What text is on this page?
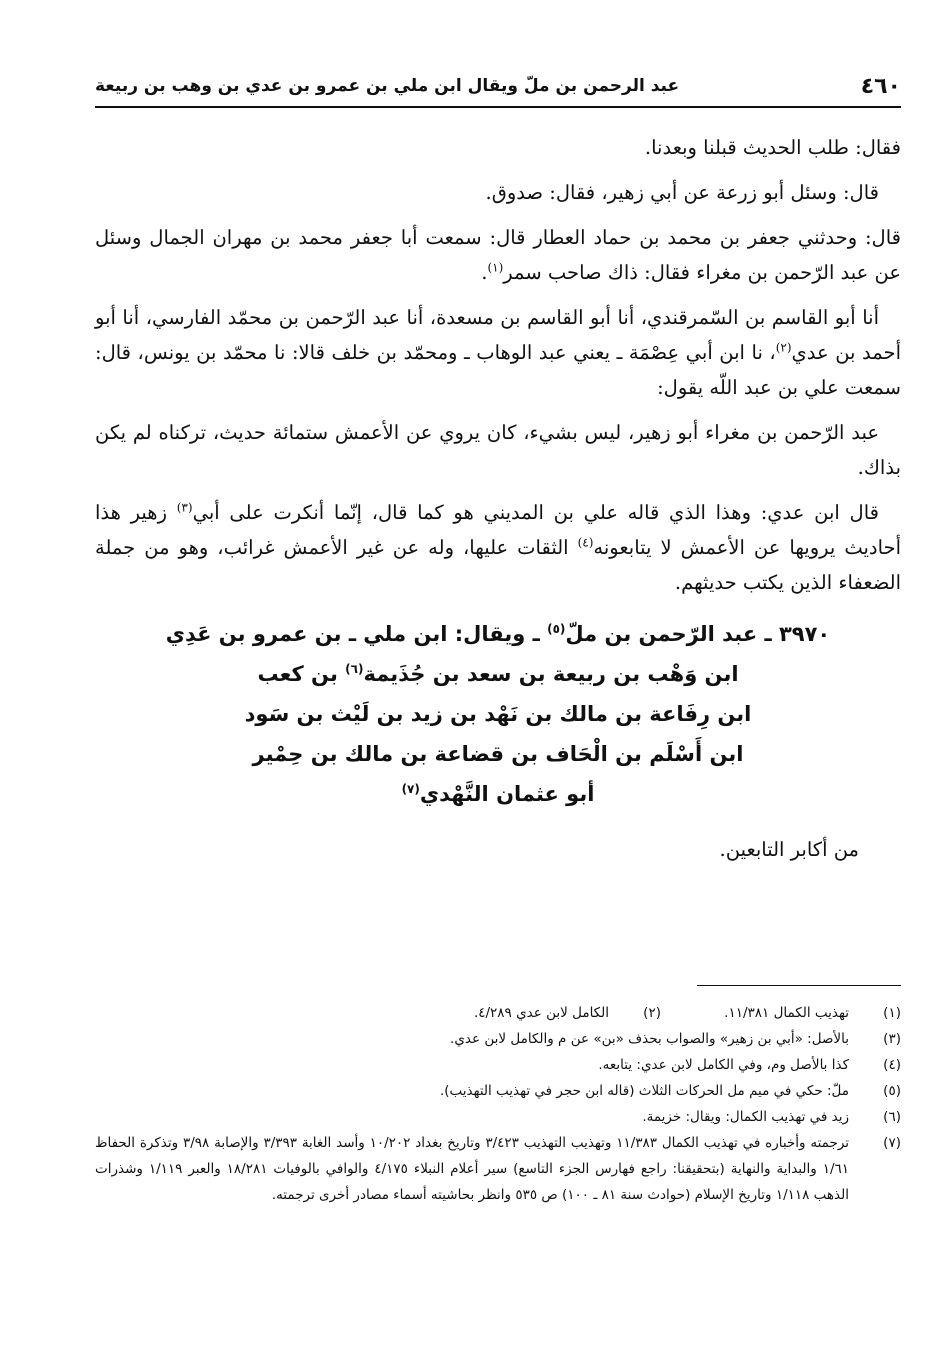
٤٦٠
عبد الرحمن بن ملّ ويقال ابن ملي بن عمرو بن عدي بن وهب بن ربيعة

فقال: طلب الحديث قبلنا وبعدنا.

قال: وسئل أبو زرعة عن أبي زهير، فقال: صدوق.

قال: وحدثني جعفر بن محمد بن حماد العطار قال: سمعت أبا جعفر محمد بن مهران الجمال وسئل عن عبد الرّحمن بن مغراء فقال: ذاك صاحب سمر$^{(١)}$.

أنا أبو القاسم بن السّمرقندي، أنا أبو القاسم بن مسعدة، أنا عبد الرّحمن بن محمّد الفارسي، أنا أبو أحمد بن عدي$^{(٢)}$، نا ابن أبي عِصْمَة ـ يعني عبد الوهاب ـ ومحمّد بن خلف قالا: نا محمّد بن يونس، قال: سمعت علي بن عبد اللّه يقول:

عبد الرّحمن بن مغراء أبو زهير، ليس بشيء، كان يروي عن الأعمش ستمائة حديث، تركناه لم يكن بذاك.

قال ابن عدي: وهذا الذي قاله علي بن المديني هو كما قال، إنّما أنكرت على أبي$^{(٣)}$ زهير هذا أحاديث يرويها عن الأعمش لا يتابعونه$^{(٤)}$ الثقات عليها، وله عن غير الأعمش غرائب، وهو من جملة الضعفاء الذين يكتب حديثهم.

٣٩٧٠ ـ عبد الرّحمن بن ملّ$^{(٥)}$ ـ ويقال: ابن ملي ـ بن عمرو بن عَدِي
ابن وَهْب بن ربيعة بن سعد بن جُذَيمة$^{(٦)}$ بن كعب
ابن رِفَاعة بن مالك بن نَهْد بن زيد بن لَيْث بن سَود
ابن أَسْلَم بن الْحَاف بن قضاعة بن مالك بن حِمْير
أبو عثمان النَّهْدي$^{(٧)}$

من أكابر التابعين.

(١)
تهذيب الكمال ١١/٣٨١.
(٢)
الكامل لابن عدي ٤/٢٨٩.
(٣)
بالأصل: «أبي بن زهير» والصواب بحذف «بن» عن م والكامل لابن عدي.
(٤)
كذا بالأصل وم، وفي الكامل لابن عدي: يتابعه.
(٥)
ملّ: حكي في ميم مل الحركات الثلاث (قاله ابن حجر في تهذيب التهذيب).
(٦)
زيد في تهذيب الكمال: ويقال: خزيمة.
(٧)
ترجمته وأخباره في تهذيب الكمال ١١/٣٨٣ وتهذيب التهذيب ٣/٤٢٣ وتاريخ بغداد ١٠/٢٠٢ وأسد الغابة ٣/٣٩٣ والإصابة ٣/٩٨ وتذكرة الحفاظ ١/٦١ والبداية والنهاية (بتحقيقنا: راجع فهارس الجزء التاسع) سير أعلام النبلاء ٤/١٧٥ والوافي بالوفيات ١٨/٢٨١ والعبر ١/١١٩ وشذرات الذهب ١/١١٨ وتاريخ الإسلام (حوادث سنة ٨١ ـ ١٠٠) ص ٥٣٥ وانظر بحاشيته أسماء مصادر أخرى ترجمته.
